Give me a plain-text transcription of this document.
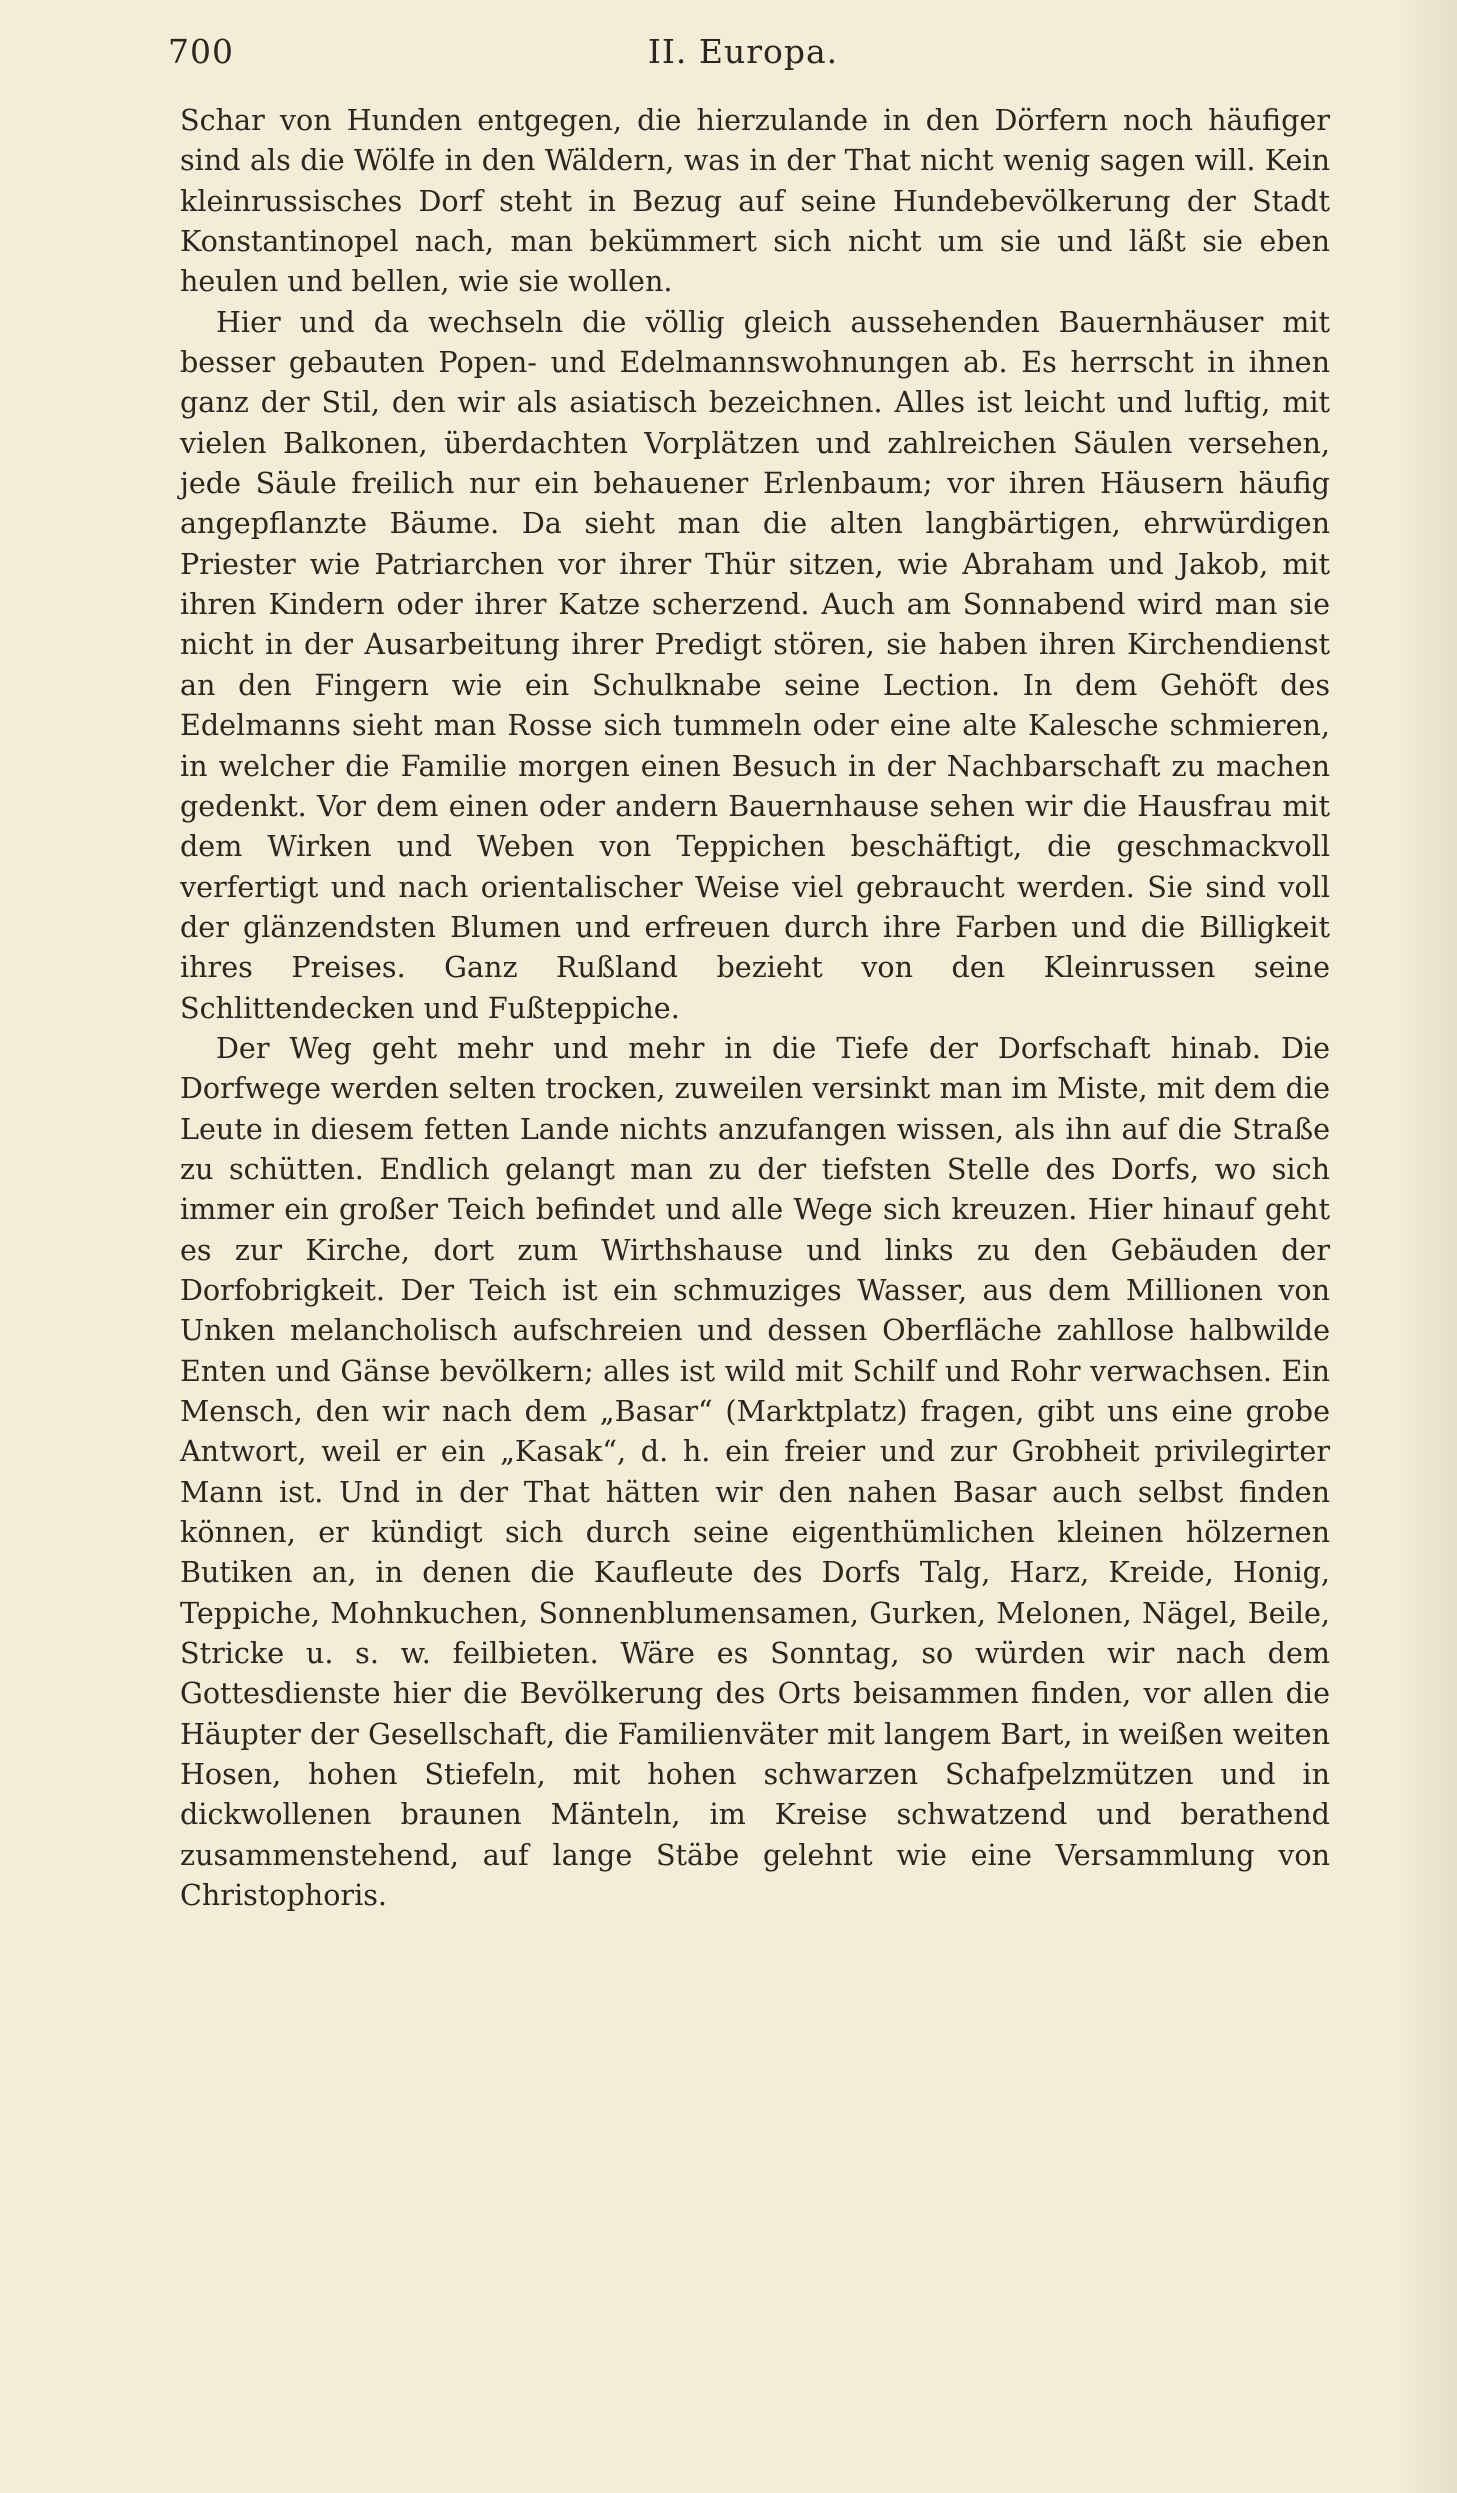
700	II. Europa.

Schar von Hunden entgegen, die hierzulande in den Dörfern noch häufiger sind als die Wölfe in den Wäldern, was in der That nicht wenig sagen will. Kein kleinrussisches Dorf steht in Bezug auf seine Hundebevölkerung der Stadt Konstantinopel nach, man bekümmert sich nicht um sie und läßt sie eben heulen und bellen, wie sie wollen.

Hier und da wechseln die völlig gleich aussehenden Bauernhäuser mit besser gebauten Popen- und Edelmannswohnungen ab. Es herrscht in ihnen ganz der Stil, den wir als asiatisch bezeichnen. Alles ist leicht und luftig, mit vielen Balkonen, überdachten Vorplätzen und zahlreichen Säulen versehen, jede Säule freilich nur ein behauener Erlenbaum; vor ihren Häusern häufig angepflanzte Bäume. Da sieht man die alten langbärtigen, ehrwürdigen Priester wie Patriarchen vor ihrer Thür sitzen, wie Abraham und Jakob, mit ihren Kindern oder ihrer Katze scherzend. Auch am Sonnabend wird man sie nicht in der Ausarbeitung ihrer Predigt stören, sie haben ihren Kirchendienst an den Fingern wie ein Schulknabe seine Lection. In dem Gehöft des Edelmanns sieht man Rosse sich tummeln oder eine alte Kalesche schmieren, in welcher die Familie morgen einen Besuch in der Nachbarschaft zu machen gedenkt. Vor dem einen oder andern Bauernhause sehen wir die Hausfrau mit dem Wirken und Weben von Teppichen beschäftigt, die geschmackvoll verfertigt und nach orientalischer Weise viel gebraucht werden. Sie sind voll der glänzendsten Blumen und erfreuen durch ihre Farben und die Billigkeit ihres Preises. Ganz Rußland bezieht von den Kleinrussen seine Schlittendecken und Fußteppiche.

Der Weg geht mehr und mehr in die Tiefe der Dorfschaft hinab. Die Dorfwege werden selten trocken, zuweilen versinkt man im Miste, mit dem die Leute in diesem fetten Lande nichts anzufangen wissen, als ihn auf die Straße zu schütten. Endlich gelangt man zu der tiefsten Stelle des Dorfs, wo sich immer ein großer Teich befindet und alle Wege sich kreuzen. Hier hinauf geht es zur Kirche, dort zum Wirthshause und links zu den Gebäuden der Dorfobrigkeit. Der Teich ist ein schmuziges Wasser, aus dem Millionen von Unken melancholisch aufschreien und dessen Oberfläche zahllose halbwilde Enten und Gänse bevölkern; alles ist wild mit Schilf und Rohr verwachsen. Ein Mensch, den wir nach dem „Basar“ (Marktplatz) fragen, gibt uns eine grobe Antwort, weil er ein „Kasak“, d. h. ein freier und zur Grobheit privilegirter Mann ist. Und in der That hätten wir den nahen Basar auch selbst finden können, er kündigt sich durch seine eigenthümlichen kleinen hölzernen Butiken an, in denen die Kaufleute des Dorfs Talg, Harz, Kreide, Honig, Teppiche, Mohnkuchen, Sonnenblumensamen, Gurken, Melonen, Nägel, Beile, Stricke u. s. w. feilbieten. Wäre es Sonntag, so würden wir nach dem Gottesdienste hier die Bevölkerung des Orts beisammen finden, vor allen die Häupter der Gesellschaft, die Familienväter mit langem Bart, in weißen weiten Hosen, hohen Stiefeln, mit hohen schwarzen Schafpelzmützen und in dickwollenen braunen Mänteln, im Kreise schwatzend und berathend zusammenstehend, auf lange Stäbe gelehnt wie eine Versammlung von Christophoris.
